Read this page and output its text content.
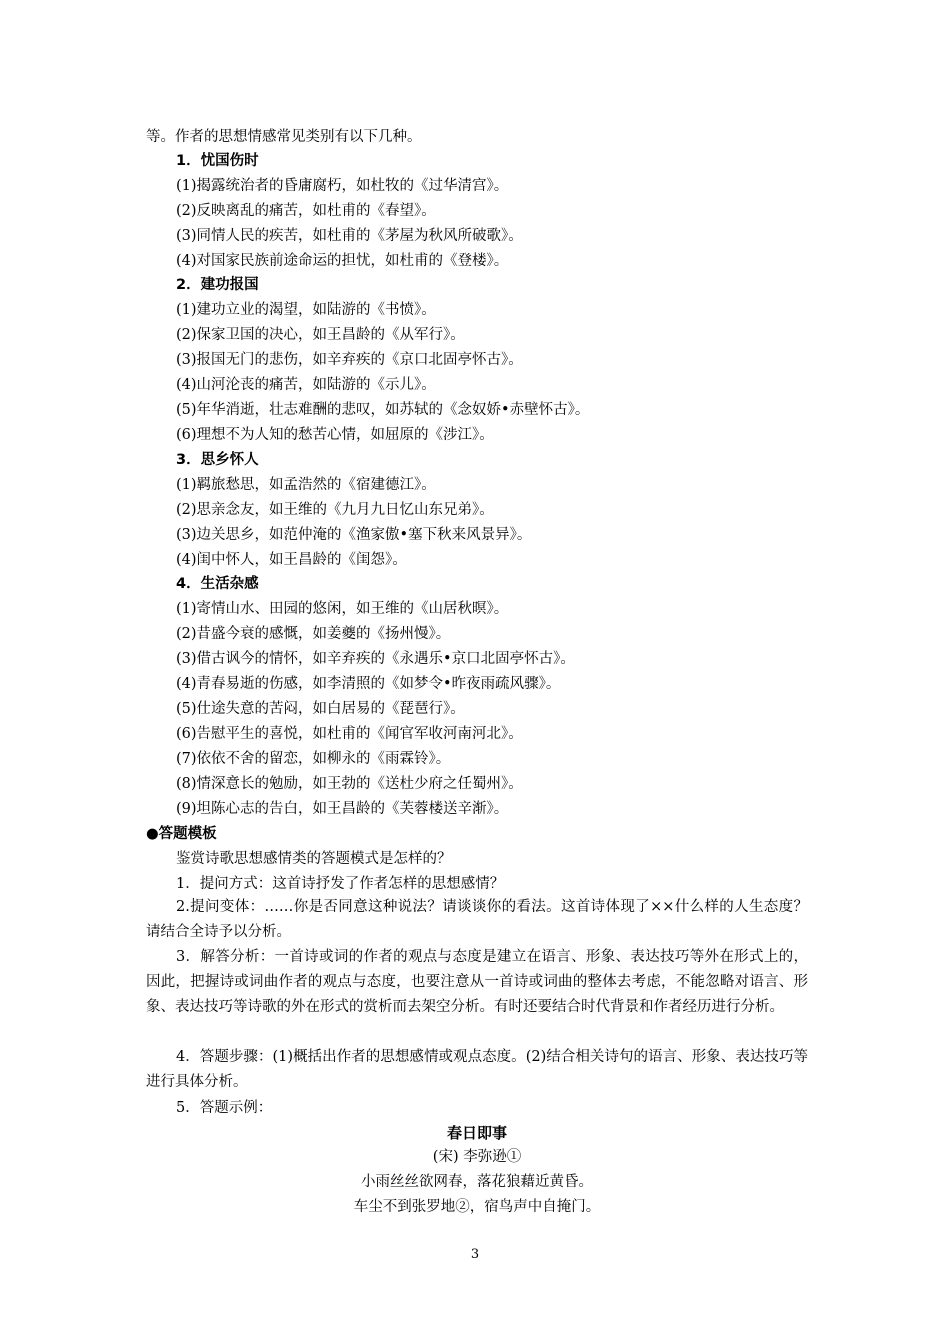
等。作者的思想情感常见类别有以下几种。
1．忧国伤时
(1)揭露统治者的昏庸腐朽，如杜牧的《过华清宫》。
(2)反映离乱的痛苦，如杜甫的《春望》。
(3)同情人民的疾苦，如杜甫的《茅屋为秋风所破歌》。
(4)对国家民族前途命运的担忧，如杜甫的《登楼》。
2．建功报国
(1)建功立业的渴望，如陆游的《书愤》。
(2)保家卫国的决心，如王昌龄的《从军行》。
(3)报国无门的悲伤，如辛弃疾的《京口北固亭怀古》。
(4)山河沦丧的痛苦，如陆游的《示儿》。
(5)年华消逝，壮志难酬的悲叹，如苏轼的《念奴娇•赤壁怀古》。
(6)理想不为人知的愁苦心情，如屈原的《涉江》。
3．思乡怀人
(1)羁旅愁思，如孟浩然的《宿建德江》。
(2)思亲念友，如王维的《九月九日忆山东兄弟》。
(3)边关思乡，如范仲淹的《渔家傲•塞下秋来风景异》。
(4)闺中怀人，如王昌龄的《闺怨》。
4．生活杂感
(1)寄情山水、田园的悠闲，如王维的《山居秋暝》。
(2)昔盛今衰的感慨，如姜夔的《扬州慢》。
(3)借古讽今的情怀，如辛弃疾的《永遇乐•京口北固亭怀古》。
(4)青春易逝的伤感，如李清照的《如梦令•昨夜雨疏风骤》。
(5)仕途失意的苦闷，如白居易的《琵琶行》。
(6)告慰平生的喜悦，如杜甫的《闻官军收河南河北》。
(7)依依不舍的留恋，如柳永的《雨霖铃》。
(8)情深意长的勉励，如王勃的《送杜少府之任蜀州》。
(9)坦陈心志的告白，如王昌龄的《芙蓉楼送辛渐》。
●答题模板
鉴赏诗歌思想感情类的答题模式是怎样的？
1．提问方式：这首诗抒发了作者怎样的思想感情？
2.提问变体：……你是否同意这种说法？请谈谈你的看法。这首诗体现了××什么样的人生态度？请结合全诗予以分析。
3．解答分析：一首诗或词的作者的观点与态度是建立在语言、形象、表达技巧等外在形式上的，因此，把握诗或词曲作者的观点与态度，也要注意从一首诗或词曲的整体去考虑，不能忽略对语言、形象、表达技巧等诗歌的外在形式的赏析而去架空分析。有时还要结合时代背景和作者经历进行分析。
4．答题步骤：(1)概括出作者的思想感情或观点态度。(2)结合相关诗句的语言、形象、表达技巧等进行具体分析。
5．答题示例：
春日即事
(宋) 李弥逊①
小雨丝丝欲网春，落花狼藉近黄昏。
车尘不到张罗地②，宿鸟声中自掩门。
3
